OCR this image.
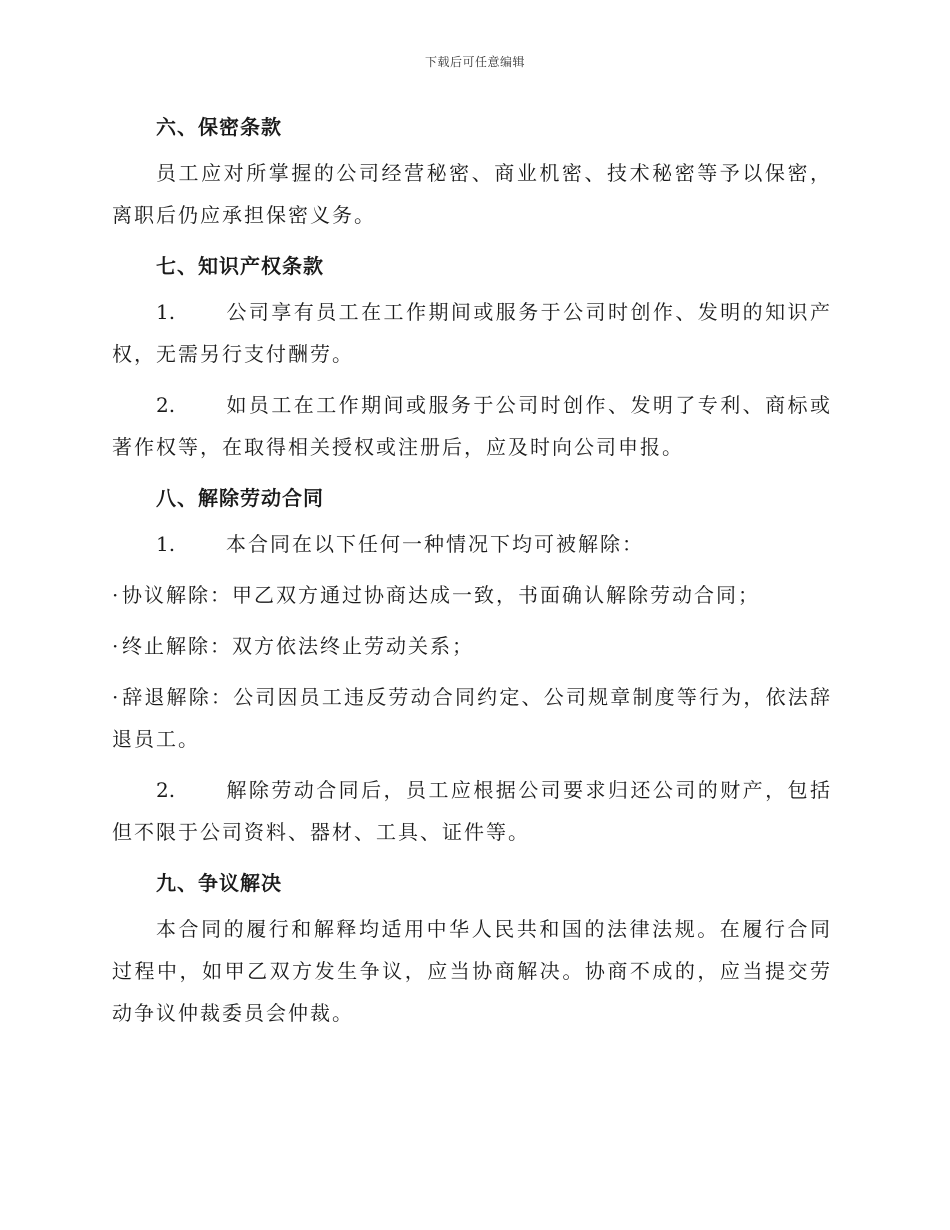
下载后可任意编辑
六、保密条款
员工应对所掌握的公司经营秘密、商业机密、技术秘密等予以保密，离职后仍应承担保密义务。
七、知识产权条款
1.	公司享有员工在工作期间或服务于公司时创作、发明的知识产权，无需另行支付酬劳。
2.	如员工在工作期间或服务于公司时创作、发明了专利、商标或著作权等，在取得相关授权或注册后，应及时向公司申报。
八、解除劳动合同
1.	本合同在以下任何一种情况下均可被解除：
· 协议解除：甲乙双方通过协商达成一致，书面确认解除劳动合同；
· 终止解除：双方依法终止劳动关系；
· 辞退解除：公司因员工违反劳动合同约定、公司规章制度等行为，依法辞退员工。
2.	解除劳动合同后，员工应根据公司要求归还公司的财产，包括但不限于公司资料、器材、工具、证件等。
九、争议解决
本合同的履行和解释均适用中华人民共和国的法律法规。在履行合同过程中，如甲乙双方发生争议，应当协商解决。协商不成的，应当提交劳动争议仲裁委员会仲裁。
